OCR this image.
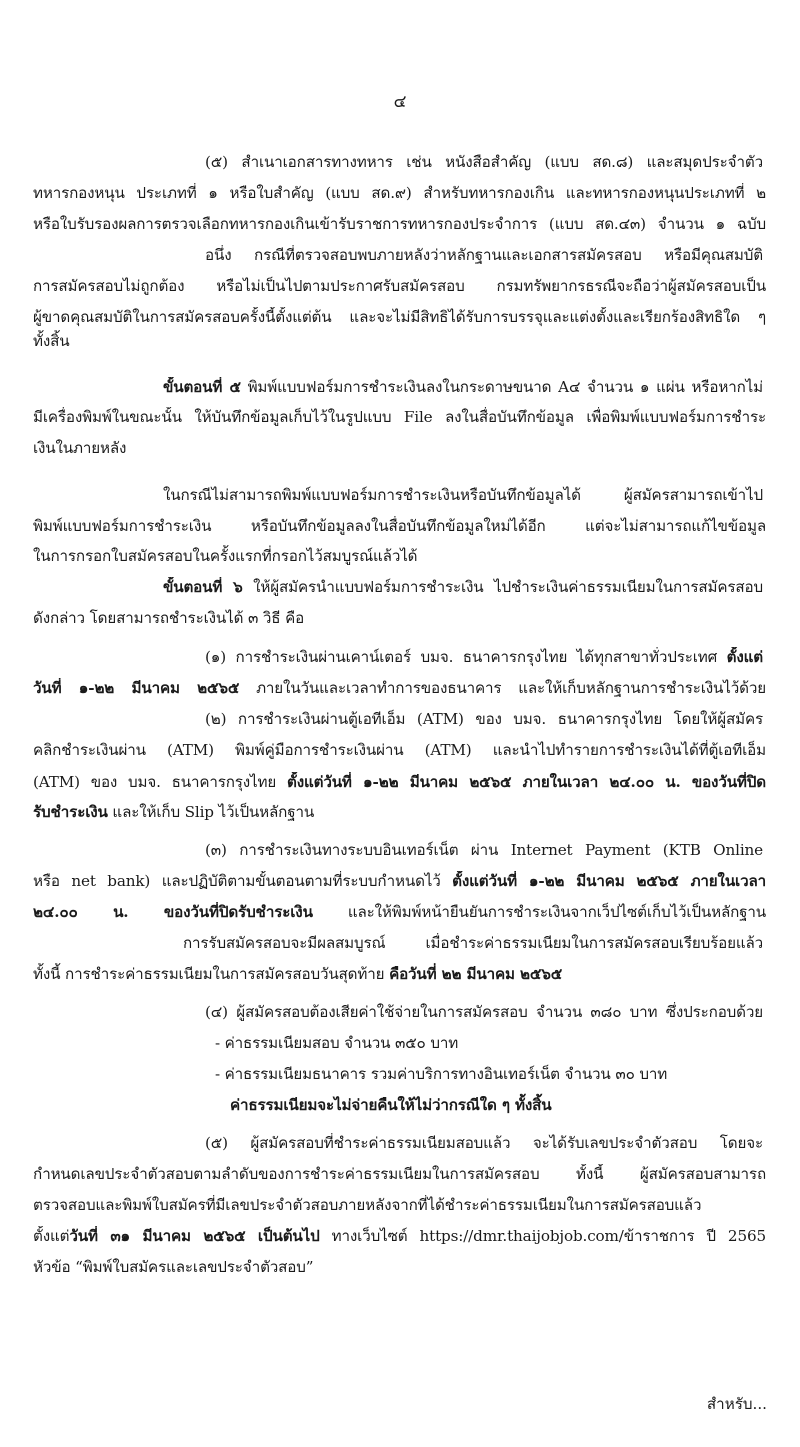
๔
(๕) สำเนาเอกสารทางทหาร เช่น หนังสือสำคัญ (แบบ สด.๘) และสมุดประจำตัว
ทหารกองหนุน ประเภทที่ ๑ หรือใบสำคัญ (แบบ สด.๙) สำหรับทหารกองเกิน และทหารกองหนุนประเภทที่ ๒
หรือใบรับรองผลการตรวจเลือกทหารกองเกินเข้ารับราชการทหารกองประจำการ (แบบ สด.๔๓) จำนวน ๑ ฉบับ
อนึ่ง กรณีที่ตรวจสอบพบภายหลังว่าหลักฐานและเอกสารสมัครสอบ หรือมีคุณสมบัติ
การสมัครสอบไม่ถูกต้อง หรือไม่เป็นไปตามประกาศรับสมัครสอบ กรมทรัพยากรธรณีจะถือว่าผู้สมัครสอบเป็น
ผู้ขาดคุณสมบัติในการสมัครสอบครั้งนี้ตั้งแต่ต้น และจะไม่มีสิทธิได้รับการบรรจุและแต่งตั้งและเรียกร้องสิทธิใด ๆ
ทั้งสิ้น
ขั้นตอนที่ ๕ พิมพ์แบบฟอร์มการชำระเงินลงในกระดาษขนาด A๔ จำนวน ๑ แผ่น หรือหากไม่
มีเครื่องพิมพ์ในขณะนั้น ให้บันทึกข้อมูลเก็บไว้ในรูปแบบ File ลงในสื่อบันทึกข้อมูล เพื่อพิมพ์แบบฟอร์มการชำระ
เงินในภายหลัง
ในกรณีไม่สามารถพิมพ์แบบฟอร์มการชำระเงินหรือบันทึกข้อมูลได้ ผู้สมัครสามารถเข้าไป
พิมพ์แบบฟอร์มการชำระเงิน หรือบันทึกข้อมูลลงในสื่อบันทึกข้อมูลใหม่ได้อีก แต่จะไม่สามารถแก้ไขข้อมูล
ในการกรอกใบสมัครสอบในครั้งแรกที่กรอกไว้สมบูรณ์แล้วได้
ขั้นตอนที่ ๖ ให้ผู้สมัครนำแบบฟอร์มการชำระเงิน ไปชำระเงินค่าธรรมเนียมในการสมัครสอบ
ดังกล่าว โดยสามารถชำระเงินได้ ๓ วิธี คือ
(๑) การชำระเงินผ่านเคาน์เตอร์ บมจ. ธนาคารกรุงไทย ได้ทุกสาขาทั่วประเทศ ตั้งแต่
วันที่ ๑-๒๒ มีนาคม ๒๕๖๕ ภายในวันและเวลาทำการของธนาคาร และให้เก็บหลักฐานการชำระเงินไว้ด้วย
(๒) การชำระเงินผ่านตู้เอทีเอ็ม (ATM) ของ บมจ. ธนาคารกรุงไทย โดยให้ผู้สมัคร
คลิกชำระเงินผ่าน (ATM) พิมพ์คู่มือการชำระเงินผ่าน (ATM) และนำไปทำรายการชำระเงินได้ที่ตู้เอทีเอ็ม
(ATM) ของ บมจ. ธนาคารกรุงไทย ตั้งแต่วันที่ ๑-๒๒ มีนาคม ๒๕๖๕ ภายในเวลา ๒๔.๐๐ น. ของวันที่ปิด
รับชำระเงิน และให้เก็บ Slip ไว้เป็นหลักฐาน
(๓) การชำระเงินทางระบบอินเทอร์เน็ต ผ่าน Internet Payment (KTB Online
หรือ net bank) และปฏิบัติตามขั้นตอนตามที่ระบบกำหนดไว้ ตั้งแต่วันที่ ๑-๒๒ มีนาคม ๒๕๖๕ ภายในเวลา
๒๔.๐๐ น. ของวันที่ปิดรับชำระเงิน และให้พิมพ์หน้ายืนยันการชำระเงินจากเว็ปไซต์เก็บไว้เป็นหลักฐาน
การรับสมัครสอบจะมีผลสมบูรณ์ เมื่อชำระค่าธรรมเนียมในการสมัครสอบเรียบร้อยแล้ว
ทั้งนี้ การชำระค่าธรรมเนียมในการสมัครสอบวันสุดท้าย คือวันที่ ๒๒ มีนาคม ๒๕๖๕
(๔) ผู้สมัครสอบต้องเสียค่าใช้จ่ายในการสมัครสอบ จำนวน ๓๘๐ บาท ซึ่งประกอบด้วย
- ค่าธรรมเนียมสอบ จำนวน ๓๕๐ บาท
- ค่าธรรมเนียมธนาคาร รวมค่าบริการทางอินเทอร์เน็ต จำนวน ๓๐ บาท
ค่าธรรมเนียมจะไม่จ่ายคืนให้ไม่ว่ากรณีใด ๆ ทั้งสิ้น
(๕) ผู้สมัครสอบที่ชำระค่าธรรมเนียมสอบแล้ว จะได้รับเลขประจำตัวสอบ โดยจะ
กำหนดเลขประจำตัวสอบตามลำดับของการชำระค่าธรรมเนียมในการสมัครสอบ ทั้งนี้ ผู้สมัครสอบสามารถ
ตรวจสอบและพิมพ์ใบสมัครที่มีเลขประจำตัวสอบภายหลังจากที่ได้ชำระค่าธรรมเนียมในการสมัครสอบแล้ว
ตั้งแต่วันที่ ๓๑ มีนาคม ๒๕๖๕ เป็นต้นไป ทางเว็บไซต์ https://dmr.thaijobjob.com/ข้าราชการ ปี 2565
หัวข้อ “พิมพ์ใบสมัครและเลขประจำตัวสอบ”
สำหรับ...
